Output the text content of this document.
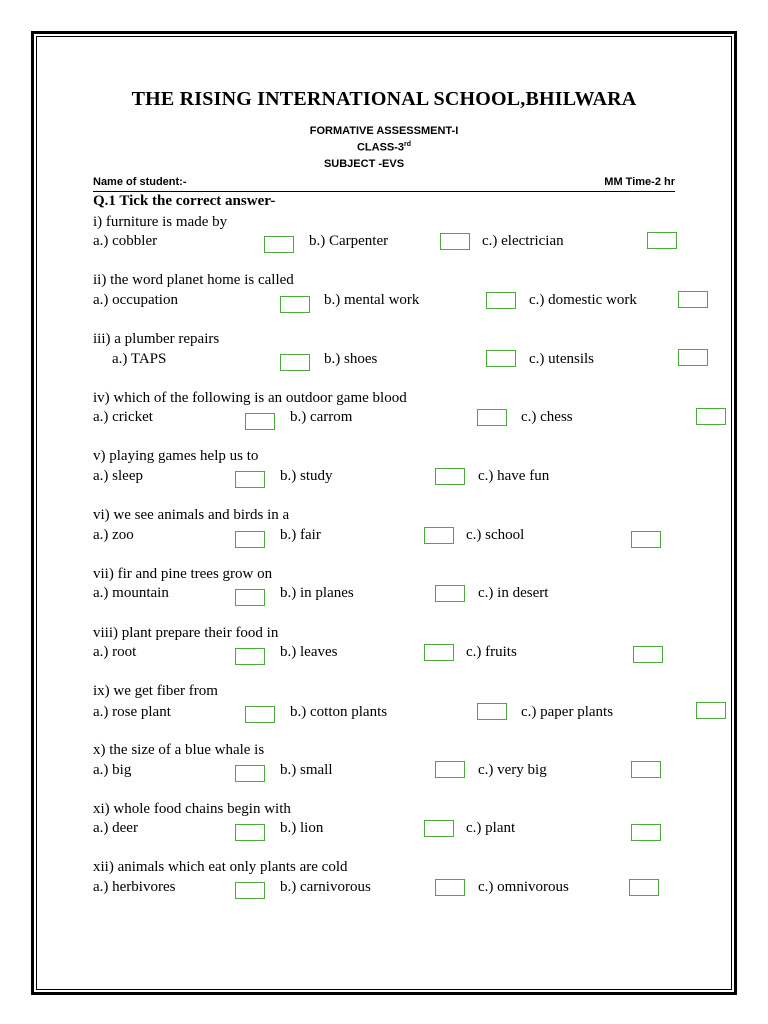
THE RISING INTERNATIONAL SCHOOL,BHILWARA
FORMATIVE ASSESSMENT-I
CLASS-3rd
SUBJECT -EVS
Name of student:-	MM Time-2 hr
Q.1 Tick the correct answer-
i) furniture is made by
a.) cobbler	b.) Carpenter	c.) electrician
ii) the word planet home is called
a.) occupation	b.) mental work	c.) domestic work
iii) a plumber repairs
a.) TAPS	b.) shoes	c.) utensils
iv) which of the following is an outdoor game blood
a.) cricket	b.) carrom	c.) chess
v) playing games help us to
a.) sleep	b.) study	c.) have fun
vi) we see animals and birds in a
a.) zoo	b.) fair	c.) school
vii) fir and pine trees grow on
a.) mountain	b.) in planes	c.) in desert
viii) plant prepare their food in
a.) root	b.) leaves	c.) fruits
ix) we get fiber from
a.) rose plant	b.) cotton plants	c.) paper plants
x) the size of a blue whale is
a.) big	b.) small	c.) very big
xi) whole food chains begin with
a.) deer	b.) lion	c.) plant
xii) animals which eat only plants are cold
a.) herbivores	b.) carnivorous	c.) omnivorous
